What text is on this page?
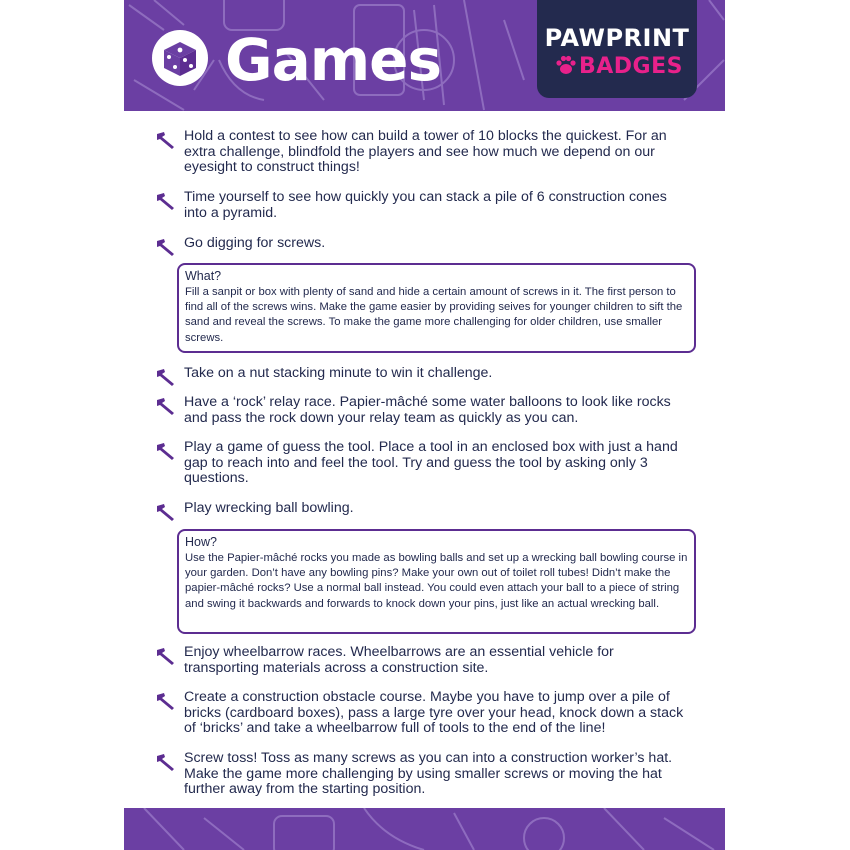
Games	PAWPRINT
BADGES

Hold a contest to see how can build a tower of 10 blocks the quickest. For an extra challenge, blindfold the players and see how much we depend on our eyesight to construct things!

Time yourself to see how quickly you can stack a pile of 6 construction cones into a pyramid.

Go digging for screws.

What?

Fill a sanpit or box with plenty of sand and hide a certain amount of screws in it. The first person to find all of the screws wins. Make the game easier by providing seives for younger children to sift the sand and reveal the screws. To make the game more challenging for older children, use smaller screws.

Take on a nut stacking minute to win it challenge.

Have a ‘rock’ relay race. Papier-mâché some water balloons to look like rocks and pass the rock down your relay team as quickly as you can.

Play a game of guess the tool. Place a tool in an enclosed box with just a hand gap to reach into and feel the tool. Try and guess the tool by asking only 3 questions.

Play wrecking ball bowling.

How?

Use the Papier-mâché rocks you made as bowling balls and set up a wrecking ball bowling course in your garden. Don’t have any bowling pins? Make your own out of toilet roll tubes! Didn’t make the papier-mâché rocks? Use a normal ball instead. You could even attach your ball to a piece of string and swing it backwards and forwards to knock down your pins, just like an actual wrecking ball.

Enjoy wheelbarrow races. Wheelbarrows are an essential vehicle for transporting materials across a construction site.

Create a construction obstacle course. Maybe you have to jump over a pile of bricks (cardboard boxes), pass a large tyre over your head, knock down a stack of ‘bricks’ and take a wheelbarrow full of tools to the end of the line!

Screw toss! Toss as many screws as you can into a construction worker’s hat. Make the game more challenging by using smaller screws or moving the hat further away from the starting position.
